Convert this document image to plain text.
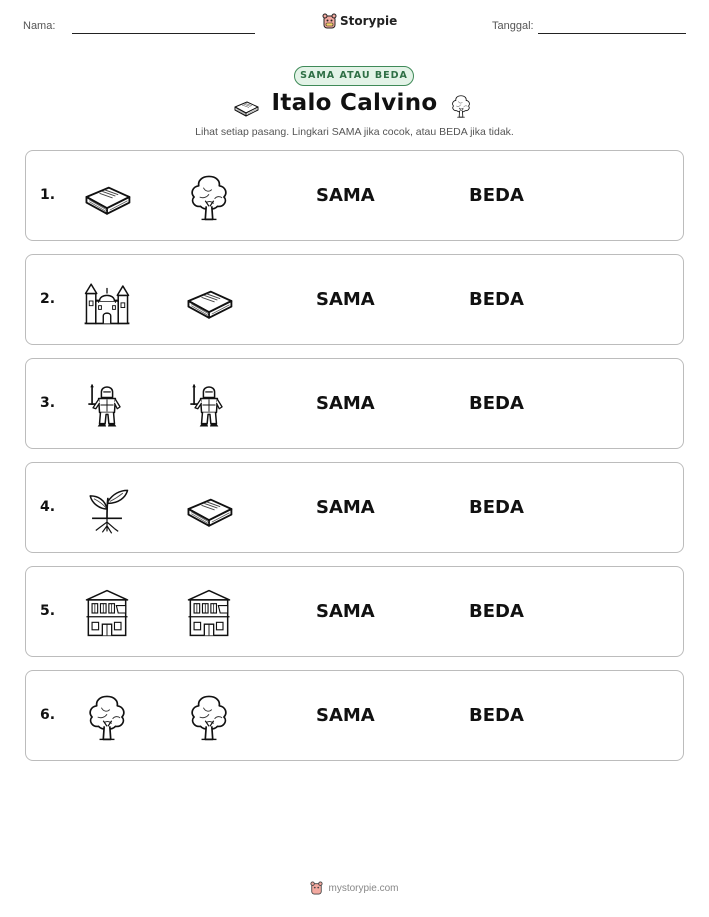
Nama:	Storypie	Tanggal:
SAMA ATAU BEDA
Italo Calvino
Lihat setiap pasang. Lingkari SAMA jika cocok, atau BEDA jika tidak.
1.	SAMA	BEDA
2.	SAMA	BEDA
3.	SAMA	BEDA
4.	SAMA	BEDA
5.	SAMA	BEDA
6.	SAMA	BEDA
mystorypie.com
